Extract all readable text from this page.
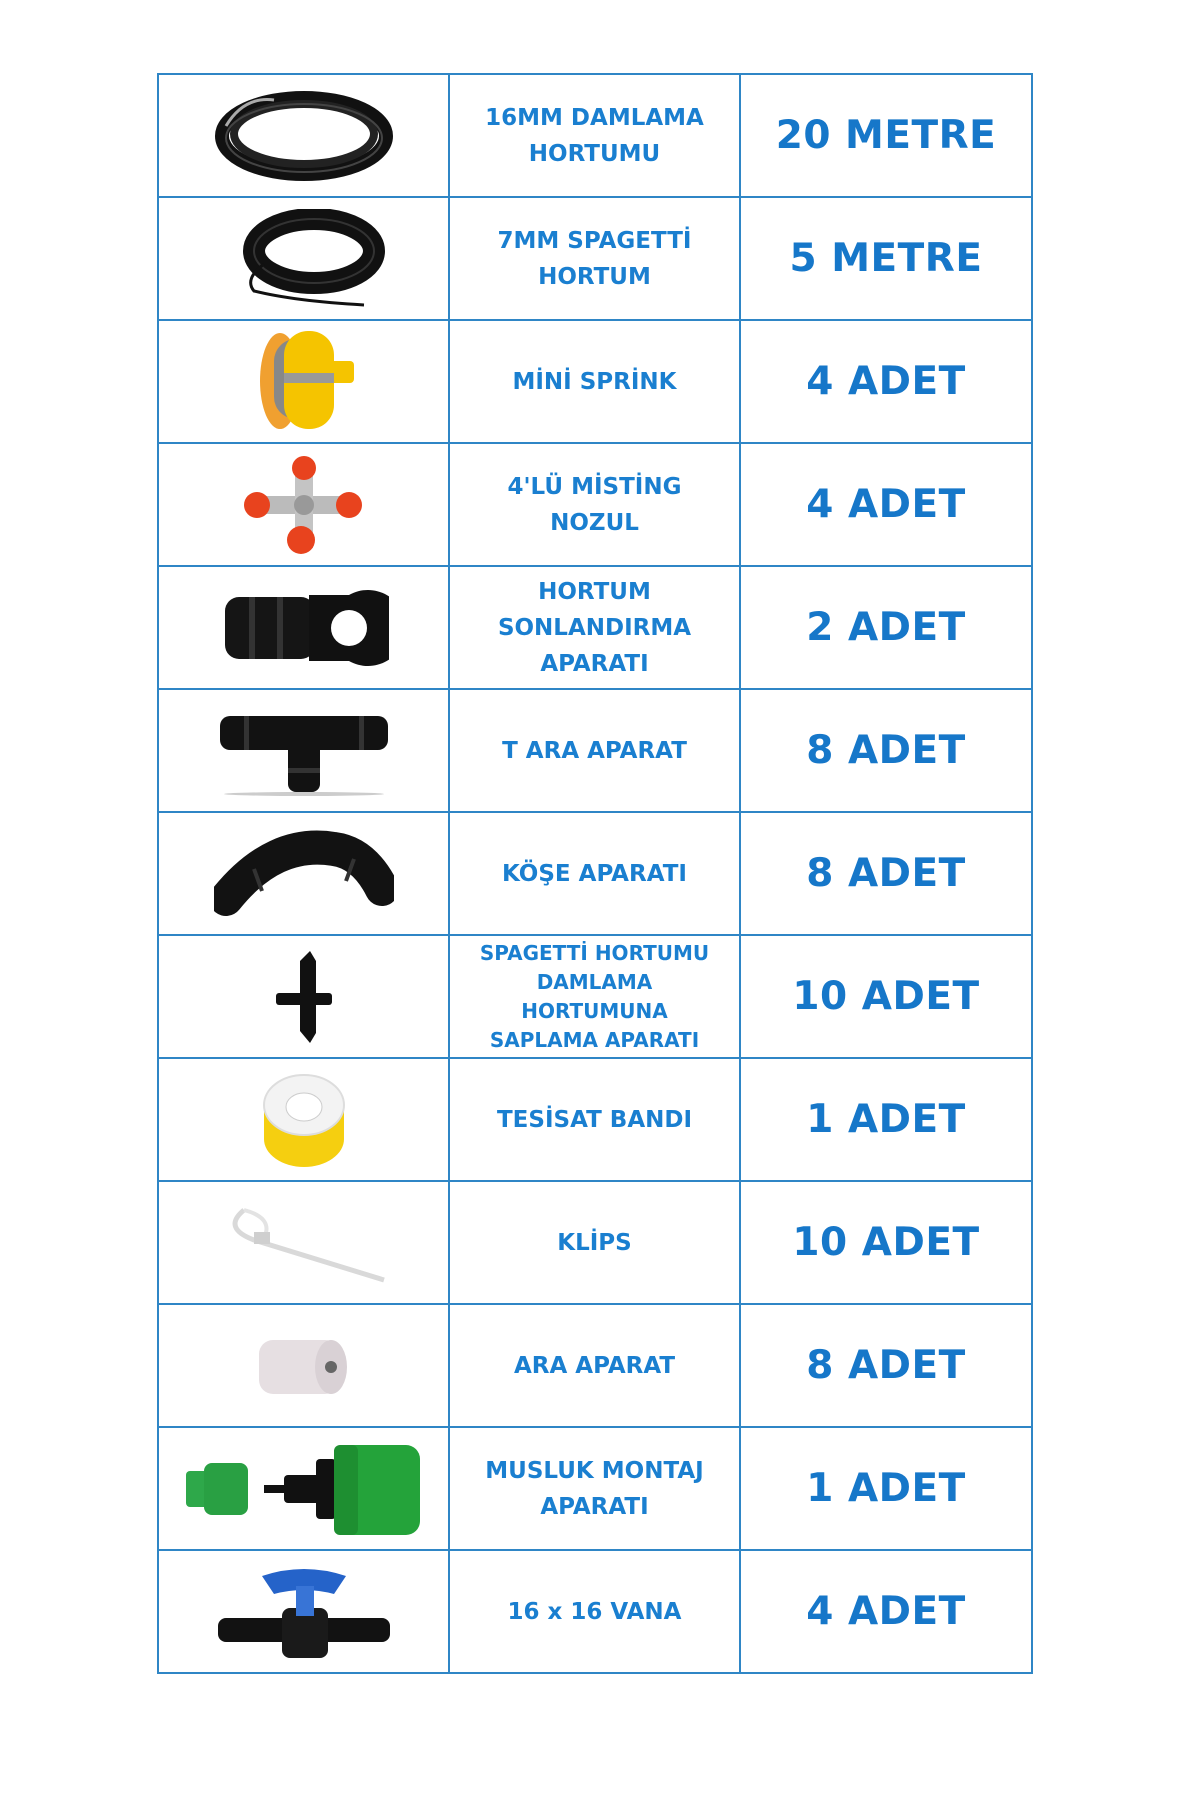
16MM DAMLAMA HORTUMU	20 METRE

7MM SPAGETTİ HORTUM	5 METRE

MİNİ SPRİNK	4 ADET

4'LÜ MİSTİNG NOZUL	4 ADET

HORTUM SONLANDIRMA APARATI	2 ADET

T ARA APARAT	8 ADET

KÖŞE APARATI	8 ADET

SPAGETTİ HORTUMU DAMLAMA HORTUMUNA SAPLAMA APARATI	10 ADET

TESİSAT BANDI	1 ADET

KLİPS	10 ADET

ARA APARAT	8 ADET

MUSLUK MONTAJ APARATI	1 ADET

16 x 16 VANA	4 ADET
